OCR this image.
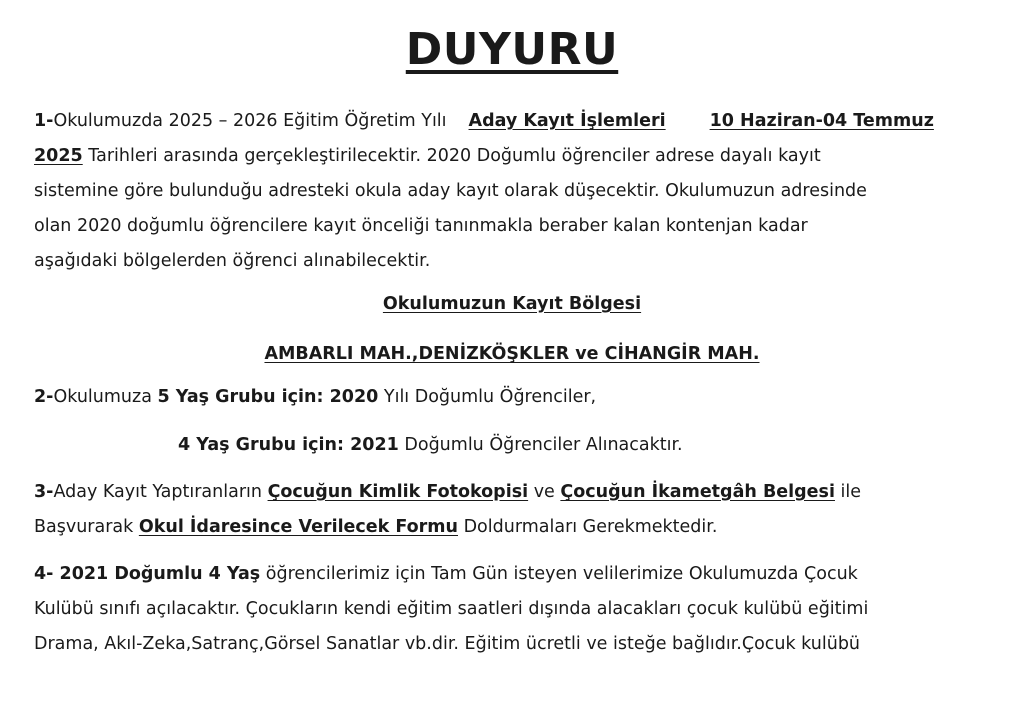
DUYURU
1-Okulumuzda 2025 – 2026 Eğitim Öğretim Yılı Aday Kayıt İşlemleri	10 Haziran-04 Temmuz
2025 Tarihleri arasında gerçekleştirilecektir. 2020 Doğumlu öğrenciler adrese dayalı kayıt
sistemine göre bulunduğu adresteki okula aday kayıt olarak düşecektir. Okulumuzun adresinde
olan 2020 doğumlu öğrencilere kayıt önceliği tanınmakla beraber kalan kontenjan kadar
aşağıdaki bölgelerden öğrenci alınabilecektir.
Okulumuzun Kayıt Bölgesi
AMBARLI MAH.,DENİZKÖŞKLER ve CİHANGİR MAH.
2-Okulumuza 5 Yaş Grubu için: 2020 Yılı Doğumlu Öğrenciler,
4 Yaş Grubu için: 2021 Doğumlu Öğrenciler Alınacaktır.
3-Aday Kayıt Yaptıranların Çocuğun Kimlik Fotokopisi ve Çocuğun İkametgâh Belgesi ile
Başvurarak Okul İdaresince Verilecek Formu Doldurmaları Gerekmektedir.
4- 2021 Doğumlu 4 Yaş öğrencilerimiz için Tam Gün isteyen velilerimize Okulumuzda Çocuk
Kulübü sınıfı açılacaktır. Çocukların kendi eğitim saatleri dışında alacakları çocuk kulübü eğitimi
Drama, Akıl-Zeka,Satranç,Görsel Sanatlar vb.dir. Eğitim ücretli ve isteğe bağlıdır.Çocuk kulübü
